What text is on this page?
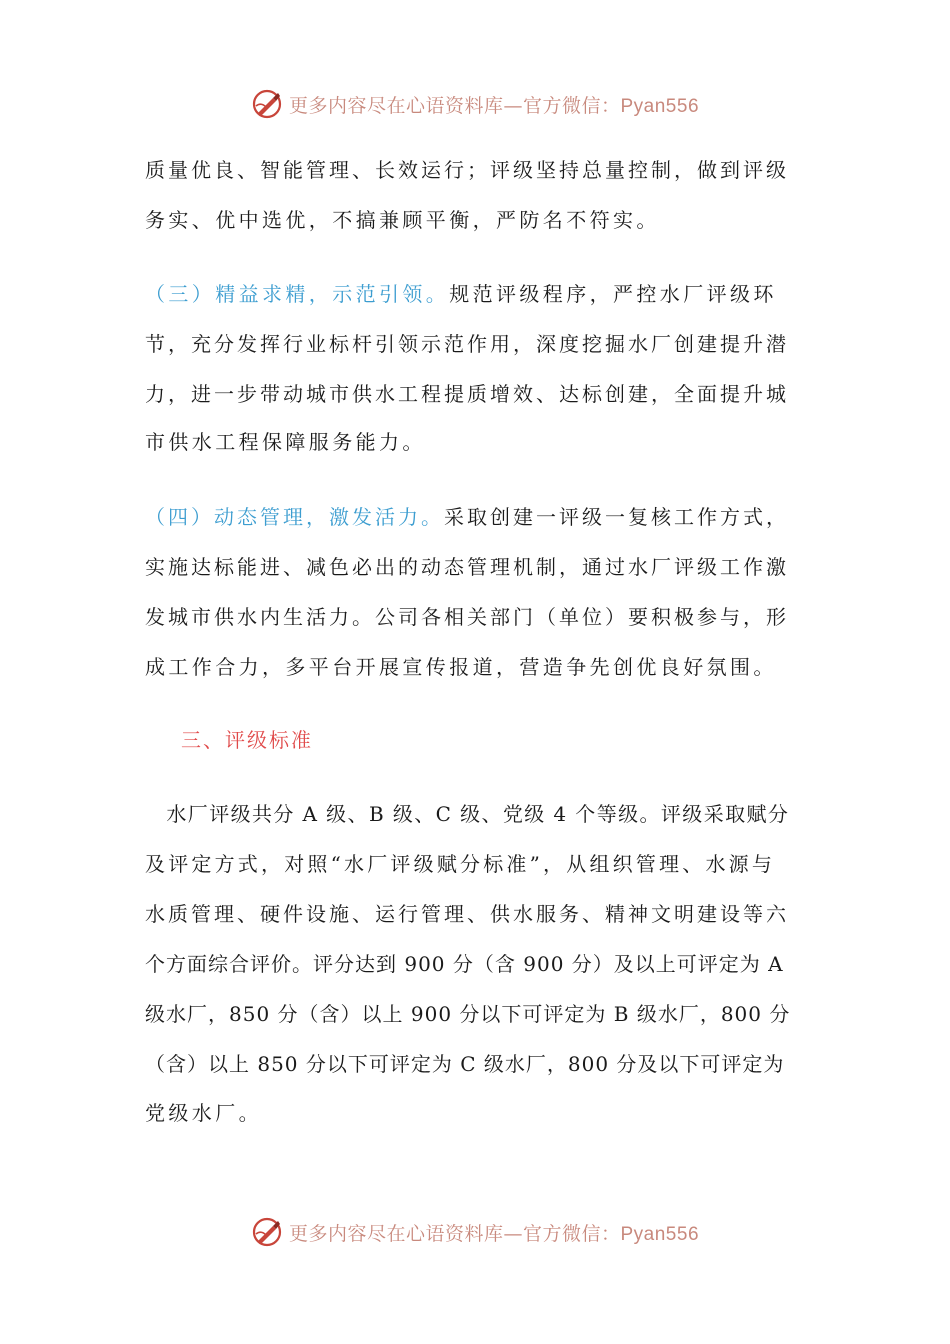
更多内容尽在心语资料库—官方微信：Pyan556
质量优良、智能管理、长效运行；评级坚持总量控制，做到评级
务实、优中选优，不搞兼顾平衡，严防名不符实。
（三）精益求精，示范引领。规范评级程序，严控水厂评级环
节，充分发挥行业标杆引领示范作用，深度挖掘水厂创建提升潜
力，进一步带动城市供水工程提质增效、达标创建，全面提升城
市供水工程保障服务能力。
（四）动态管理，激发活力。采取创建一评级一复核工作方式，
实施达标能进、减色必出的动态管理机制，通过水厂评级工作激
发城市供水内生活力。公司各相关部门（单位）要积极参与，形
成工作合力，多平台开展宣传报道，营造争先创优良好氛围。
三、评级标准
　水厂评级共分 A 级、B 级、C 级、党级 4 个等级。评级采取赋分
及评定方式，对照“水厂评级赋分标准”，从组织管理、水源与
水质管理、硬件设施、运行管理、供水服务、精神文明建设等六
个方面综合评价。评分达到 900 分（含 900 分）及以上可评定为 A
级水厂，850 分（含）以上 900 分以下可评定为 B 级水厂，800 分
（含）以上 850 分以下可评定为 C 级水厂，800 分及以下可评定为
党级水厂。
更多内容尽在心语资料库—官方微信：Pyan556
